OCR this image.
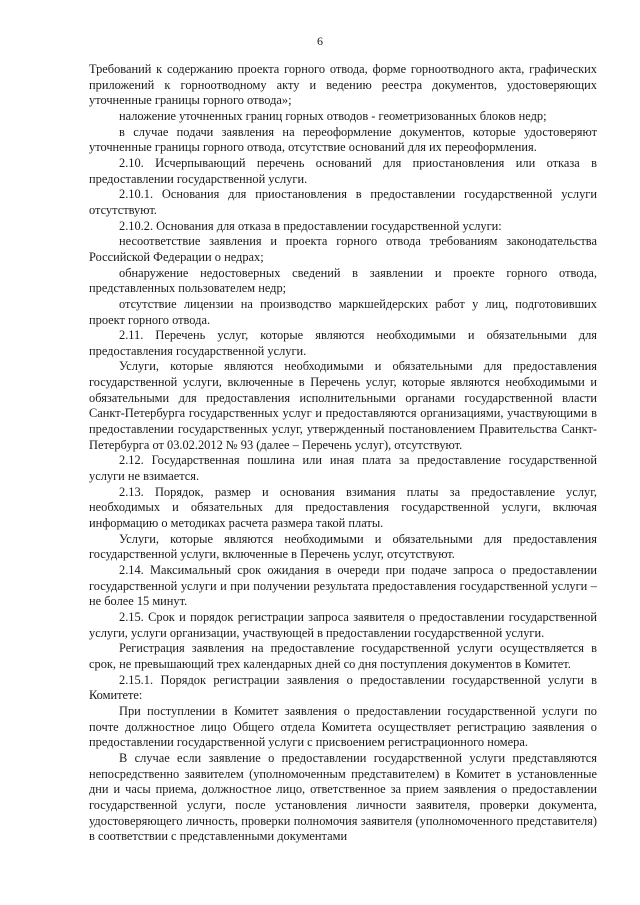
6

Требований к содержанию проекта горного отвода, форме горноотводного акта, графических приложений к горноотводному акту и ведению реестра документов, удостоверяющих уточненные границы горного отвода»;

наложение уточненных границ горных отводов - геометризованных блоков недр;

в случае подачи заявления на переоформление документов, которые удостоверяют уточненные границы горного отвода, отсутствие оснований для их переоформления.

2.10. Исчерпывающий перечень оснований для приостановления или отказа в предоставлении государственной услуги.

2.10.1. Основания для приостановления в предоставлении государственной услуги отсутствуют.

2.10.2. Основания для отказа в предоставлении государственной услуги:

несоответствие заявления и проекта горного отвода требованиям законодательства Российской Федерации о недрах;

обнаружение недостоверных сведений в заявлении и проекте горного отвода, представленных пользователем недр;

отсутствие лицензии на производство маркшейдерских работ у лиц, подготовивших проект горного отвода.

2.11. Перечень услуг, которые являются необходимыми и обязательными для предоставления государственной услуги.

Услуги, которые являются необходимыми и обязательными для предоставления государственной услуги, включенные в Перечень услуг, которые являются необходимыми и обязательными для предоставления исполнительными органами государственной власти Санкт-Петербурга государственных услуг и предоставляются организациями, участвующими в предоставлении государственных услуг, утвержденный постановлением Правительства Санкт-Петербурга от 03.02.2012 № 93 (далее – Перечень услуг), отсутствуют.

2.12. Государственная пошлина или иная плата за предоставление государственной услуги не взимается.

2.13. Порядок, размер и основания взимания платы за предоставление услуг, необходимых и обязательных для предоставления государственной услуги, включая информацию о методиках расчета размера такой платы.

Услуги, которые являются необходимыми и обязательными для предоставления государственной услуги, включенные в Перечень услуг, отсутствуют.

2.14. Максимальный срок ожидания в очереди при подаче запроса о предоставлении государственной услуги и при получении результата предоставления государственной услуги – не более 15 минут.

2.15. Срок и порядок регистрации запроса заявителя о предоставлении государственной услуги, услуги организации, участвующей в предоставлении государственной услуги.

Регистрация заявления на предоставление государственной услуги осуществляется в срок, не превышающий трех календарных дней со дня поступления документов в Комитет.

2.15.1. Порядок регистрации заявления о предоставлении государственной услуги в Комитете:

При поступлении в Комитет заявления о предоставлении государственной услуги по почте должностное лицо Общего отдела Комитета осуществляет регистрацию заявления о предоставлении государственной услуги с присвоением регистрационного номера.

В случае если заявление о предоставлении государственной услуги представляются непосредственно заявителем (уполномоченным представителем) в Комитет в установленные дни и часы приема, должностное лицо, ответственное за прием заявления о предоставлении государственной услуги, после установления личности заявителя, проверки документа, удостоверяющего личность, проверки полномочия заявителя (уполномоченного представителя) в соответствии с представленными документами
